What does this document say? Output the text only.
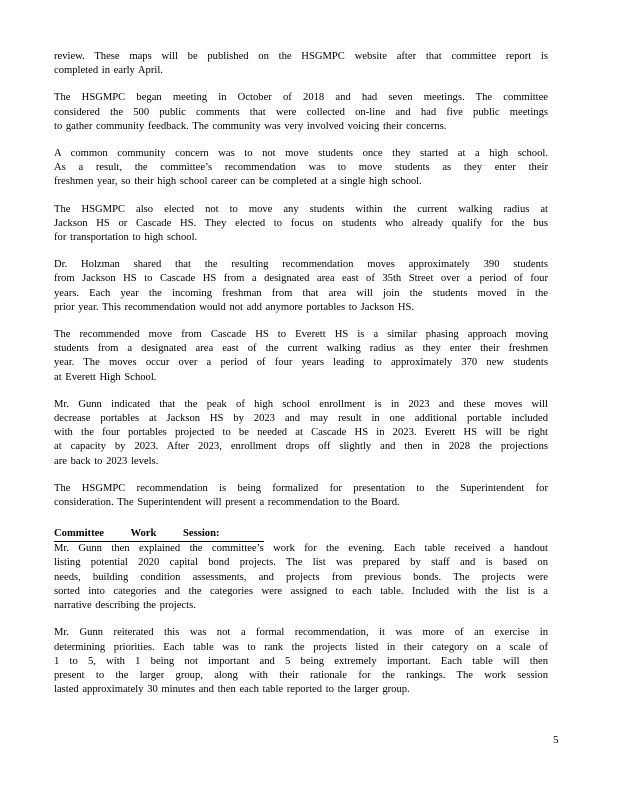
review. These maps will be published on the HSGMPC website after that committee report is
completed in early April.
The HSGMPC began meeting in October of 2018 and had seven meetings. The committee
considered the 500 public comments that were collected on-line and had five public meetings
to gather community feedback. The community was very involved voicing their concerns.
A common community concern was to not move students once they started at a high school.
As a result, the committee’s recommendation was to move students as they enter their
freshmen year, so their high school career can be completed at a single high school.
The HSGMPC also elected not to move any students within the current walking radius at
Jackson HS or Cascade HS. They elected to focus on students who already qualify for the bus
for transportation to high school.
Dr. Holzman shared that the resulting recommendation moves approximately 390 students
from Jackson HS to Cascade HS from a designated area east of 35th Street over a period of four
years. Each year the incoming freshman from that area will join the students moved in the
prior year. This recommendation would not add anymore portables to Jackson HS.
The recommended move from Cascade HS to Everett HS is a similar phasing approach moving
students from a designated area east of the current walking radius as they enter their freshmen
year. The moves occur over a period of four years leading to approximately 370 new students
at Everett High School.
Mr. Gunn indicated that the peak of high school enrollment is in 2023 and these moves will
decrease portables at Jackson HS by 2023 and may result in one additional portable included
with the four portables projected to be needed at Cascade HS in 2023. Everett HS will be right
at capacity by 2023. After 2023, enrollment drops off slightly and then in 2028 the projections
are back to 2023 levels.
The HSGMPC recommendation is being formalized for presentation to the Superintendent for
consideration. The Superintendent will present a recommendation to the Board.
Committee Work Session:
Mr. Gunn then explained the committee’s work for the evening. Each table received a handout
listing potential 2020 capital bond projects. The list was prepared by staff and is based on
needs, building condition assessments, and projects from previous bonds. The projects were
sorted into categories and the categories were assigned to each table. Included with the list is a
narrative describing the projects.
Mr. Gunn reiterated this was not a formal recommendation, it was more of an exercise in
determining priorities. Each table was to rank the projects listed in their category on a scale of
1 to 5, with 1 being not important and 5 being extremely important. Each table will then
present to the larger group, along with their rationale for the rankings. The work session
lasted approximately 30 minutes and then each table reported to the larger group.
5
